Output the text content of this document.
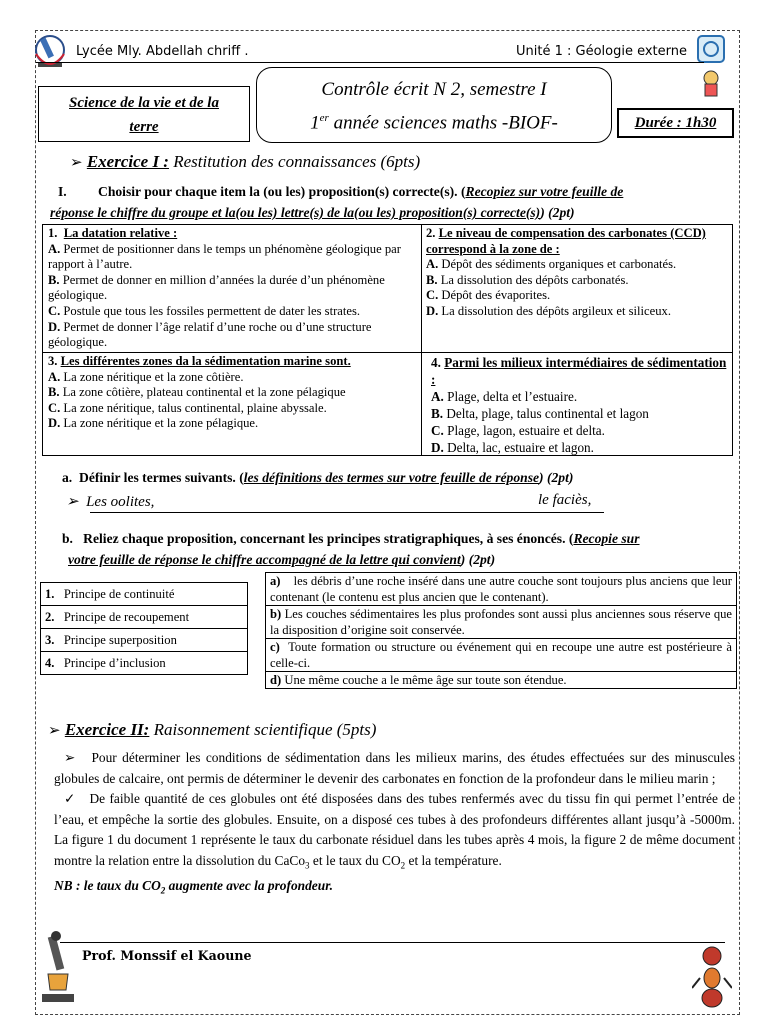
Lycée Mly. Abdellah chriff .	Unité 1 : Géologie externe
Science de la vie et de la
terre
Contrôle écrit N 2, semestre I
1er année sciences maths -BIOF-	Durée : 1h30
➢ Exercice I : Restitution des connaissances (6pts)
I. Choisir pour chaque item la (ou les) proposition(s) correcte(s). (Recopiez sur votre feuille de
réponse le chiffre du groupe et la(ou les) lettre(s) de la(ou les) proposition(s) correcte(s)) (2pt)
1. La datation relative :
A. Permet de positionner dans le temps un phénomène géologique par rapport à l’autre.
B. Permet de donner en million d’années la durée d’un phénomène géologique.
C. Postule que tous les fossiles permettent de dater les strates.
D. Permet de donner l’âge relatif d’une roche ou d’une structure géologique.
2. Le niveau de compensation des carbonates (CCD) correspond à la zone de :
A. Dépôt des sédiments organiques et carbonatés.
B. La dissolution des dépôts carbonatés.
C. Dépôt des évaporites.
D. La dissolution des dépôts argileux et siliceux.
3. Les différentes zones da la sédimentation marine sont.
A. La zone néritique et la zone côtière.
B. La zone côtière, plateau continental et la zone pélagique
C. La zone néritique, talus continental, plaine abyssale.
D. La zone néritique et la zone pélagique.
4. Parmi les milieux intermédiaires de sédimentation :
A. Plage, delta et l’estuaire.
B. Delta, plage, talus continental et lagon
C. Plage, lagon, estuaire et delta.
D. Delta, lac, estuaire et lagon.
a. Définir les termes suivants. (les définitions des termes sur votre feuille de réponse) (2pt)
➢ Les oolites,	le faciès,
b. Reliez chaque proposition, concernant les principes stratigraphiques, à ses énoncés. (Recopie sur
votre feuille de réponse le chiffre accompagné de la lettre qui convient) (2pt)
1. Principe de continuité
2. Principe de recoupement
3. Principe superposition
4. Principe d’inclusion
a) les débris d’une roche inséré dans une autre couche sont toujours plus anciens que leur contenant (le contenu est plus ancien que le contenant).
b) Les couches sédimentaires les plus profondes sont aussi plus anciennes sous réserve que la disposition d’origine soit conservée.
c) Toute formation ou structure ou événement qui en recoupe une autre est postérieure à celle-ci.
d) Une même couche a le même âge sur toute son étendue.
➢ Exercice II: Raisonnement scientifique (5pts)
➢ Pour déterminer les conditions de sédimentation dans les milieux marins, des études effectuées sur des minuscules globules de calcaire, ont permis de déterminer le devenir des carbonates en fonction de la profondeur dans le milieu marin ;
✓ De faible quantité de ces globules ont été disposées dans des tubes renfermés avec du tissu fin qui permet l’entrée de l’eau, et empêche la sortie des globules. Ensuite, on a disposé ces tubes à des profondeurs différentes allant jusqu’à -5000m. La figure 1 du document 1 représente le taux du carbonate résiduel dans les tubes après 4 mois, la figure 2 de même document montre la relation entre la dissolution du CaCo$_3$ et le taux du $CO_2$ et la température.
NB : le taux du $CO_2$ augmente avec la profondeur.
Prof. Monssif el Kaoune
